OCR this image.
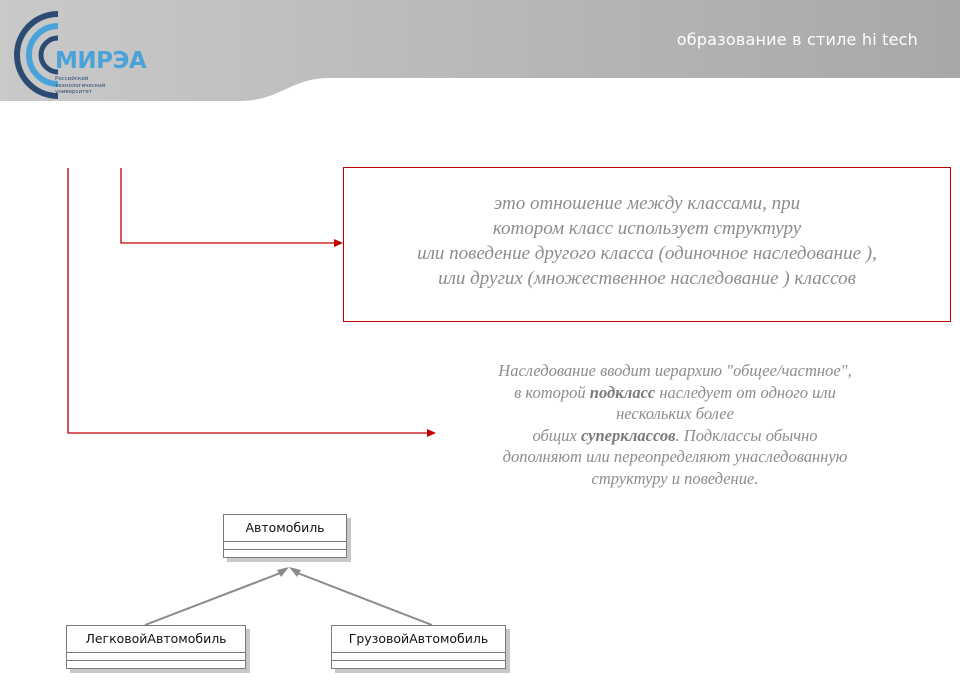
образование в стиле hi tech
МИРЭА
Российский
технологический
университет
это отношение между классами, при
котором класс использует структуру
или поведение другого класса (одиночное наследование ),
или других (множественное наследование ) классов
Наследование вводит иерархию "общее/частное",
в которой подкласс наследует от одного или
нескольких более
общих суперклассов. Подклассы обычно
дополняют или переопределяют унаследованную
структуру и поведение.
Автомобиль
ЛегковойАвтомобиль	ГрузовойАвтомобиль
